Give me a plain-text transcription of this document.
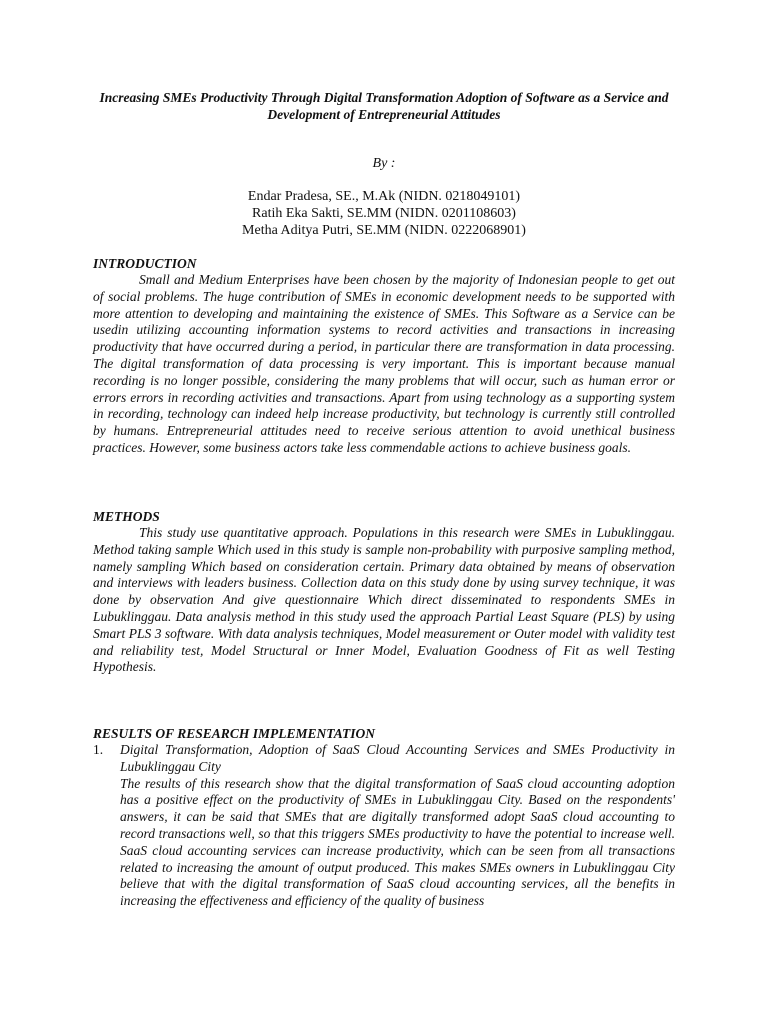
Increasing SMEs Productivity Through Digital Transformation Adoption of Software as a Service and Development of Entrepreneurial Attitudes
By :
Endar Pradesa, SE., M.Ak (NIDN. 0218049101)
Ratih Eka Sakti, SE.MM (NIDN. 0201108603)
Metha Aditya Putri, SE.MM (NIDN. 0222068901)
INTRODUCTION

Small and Medium Enterprises have been chosen by the majority of Indonesian people to get out of social problems. The huge contribution of SMEs in economic development needs to be supported with more attention to developing and maintaining the existence of SMEs. This Software as a Service can be usedin utilizing accounting information systems to record activities and transactions in increasing productivity that have occurred during a period, in particular there are transformation in data processing. The digital transformation of data processing is very important. This is important because manual recording is no longer possible, considering the many problems that will occur, such as human error or errors errors in recording activities and transactions. Apart from using technology as a supporting system in recording, technology can indeed help increase productivity, but technology is currently still controlled by humans. Entrepreneurial attitudes need to receive serious attention to avoid unethical business practices. However, some business actors take less commendable actions to achieve business goals.

METHODS

This study use quantitative approach. Populations in this research were SMEs in Lubuklinggau. Method taking sample Which used in this study is sample non-probability with purposive sampling method, namely sampling Which based on consideration certain. Primary data obtained by means of observation and interviews with leaders business. Collection data on this study done by using survey technique, it was done by observation And give questionnaire Which direct disseminated to respondents SMEs in Lubuklinggau. Data analysis method in this study used the approach Partial Least Square (PLS) by using Smart PLS 3 software. With data analysis techniques, Model measurement or Outer model with validity test and reliability test, Model Structural or Inner Model, Evaluation Goodness of Fit as well Testing Hypothesis.

RESULTS OF RESEARCH IMPLEMENTATION
1.	Digital Transformation, Adoption of SaaS Cloud Accounting Services and SMEs Productivity in Lubuklinggau City

The results of this research show that the digital transformation of SaaS cloud accounting adoption has a positive effect on the productivity of SMEs in Lubuklinggau City. Based on the respondents' answers, it can be said that SMEs that are digitally transformed adopt SaaS cloud accounting to record transactions well, so that this triggers SMEs productivity to have the potential to increase well. SaaS cloud accounting services can increase productivity, which can be seen from all transactions related to increasing the amount of output produced. This makes SMEs owners in Lubuklinggau City believe that with the digital transformation of SaaS cloud accounting services, all the benefits in increasing the effectiveness and efficiency of the quality of business
